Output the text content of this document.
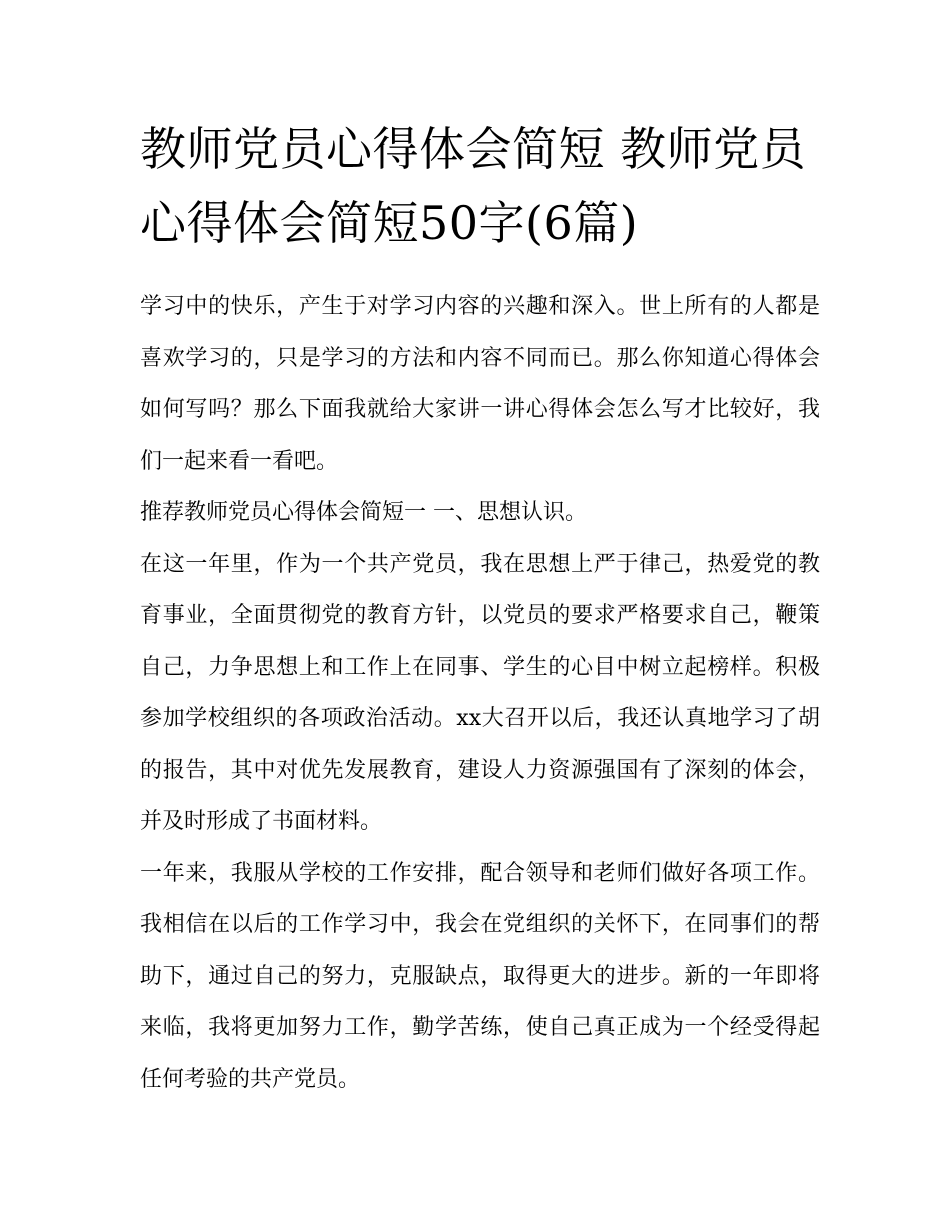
教师党员心得体会简短 教师党员心得体会简短50字(6篇)

学习中的快乐，产生于对学习内容的兴趣和深入。世上所有的人都是喜欢学习的，只是学习的方法和内容不同而已。那么你知道心得体会如何写吗？那么下面我就给大家讲一讲心得体会怎么写才比较好，我们一起来看一看吧。

推荐教师党员心得体会简短一 一、思想认识。

在这一年里，作为一个共产党员，我在思想上严于律己，热爱党的教育事业，全面贯彻党的教育方针，以党员的要求严格要求自己，鞭策自己，力争思想上和工作上在同事、学生的心目中树立起榜样。积极参加学校组织的各项政治活动。xx大召开以后，我还认真地学习了胡的报告，其中对优先发展教育，建设人力资源强国有了深刻的体会，并及时形成了书面材料。

一年来，我服从学校的工作安排，配合领导和老师们做好各项工作。我相信在以后的工作学习中，我会在党组织的关怀下，在同事们的帮助下，通过自己的努力，克服缺点，取得更大的进步。新的一年即将来临，我将更加努力工作，勤学苦练，使自己真正成为一个经受得起任何考验的共产党员。
